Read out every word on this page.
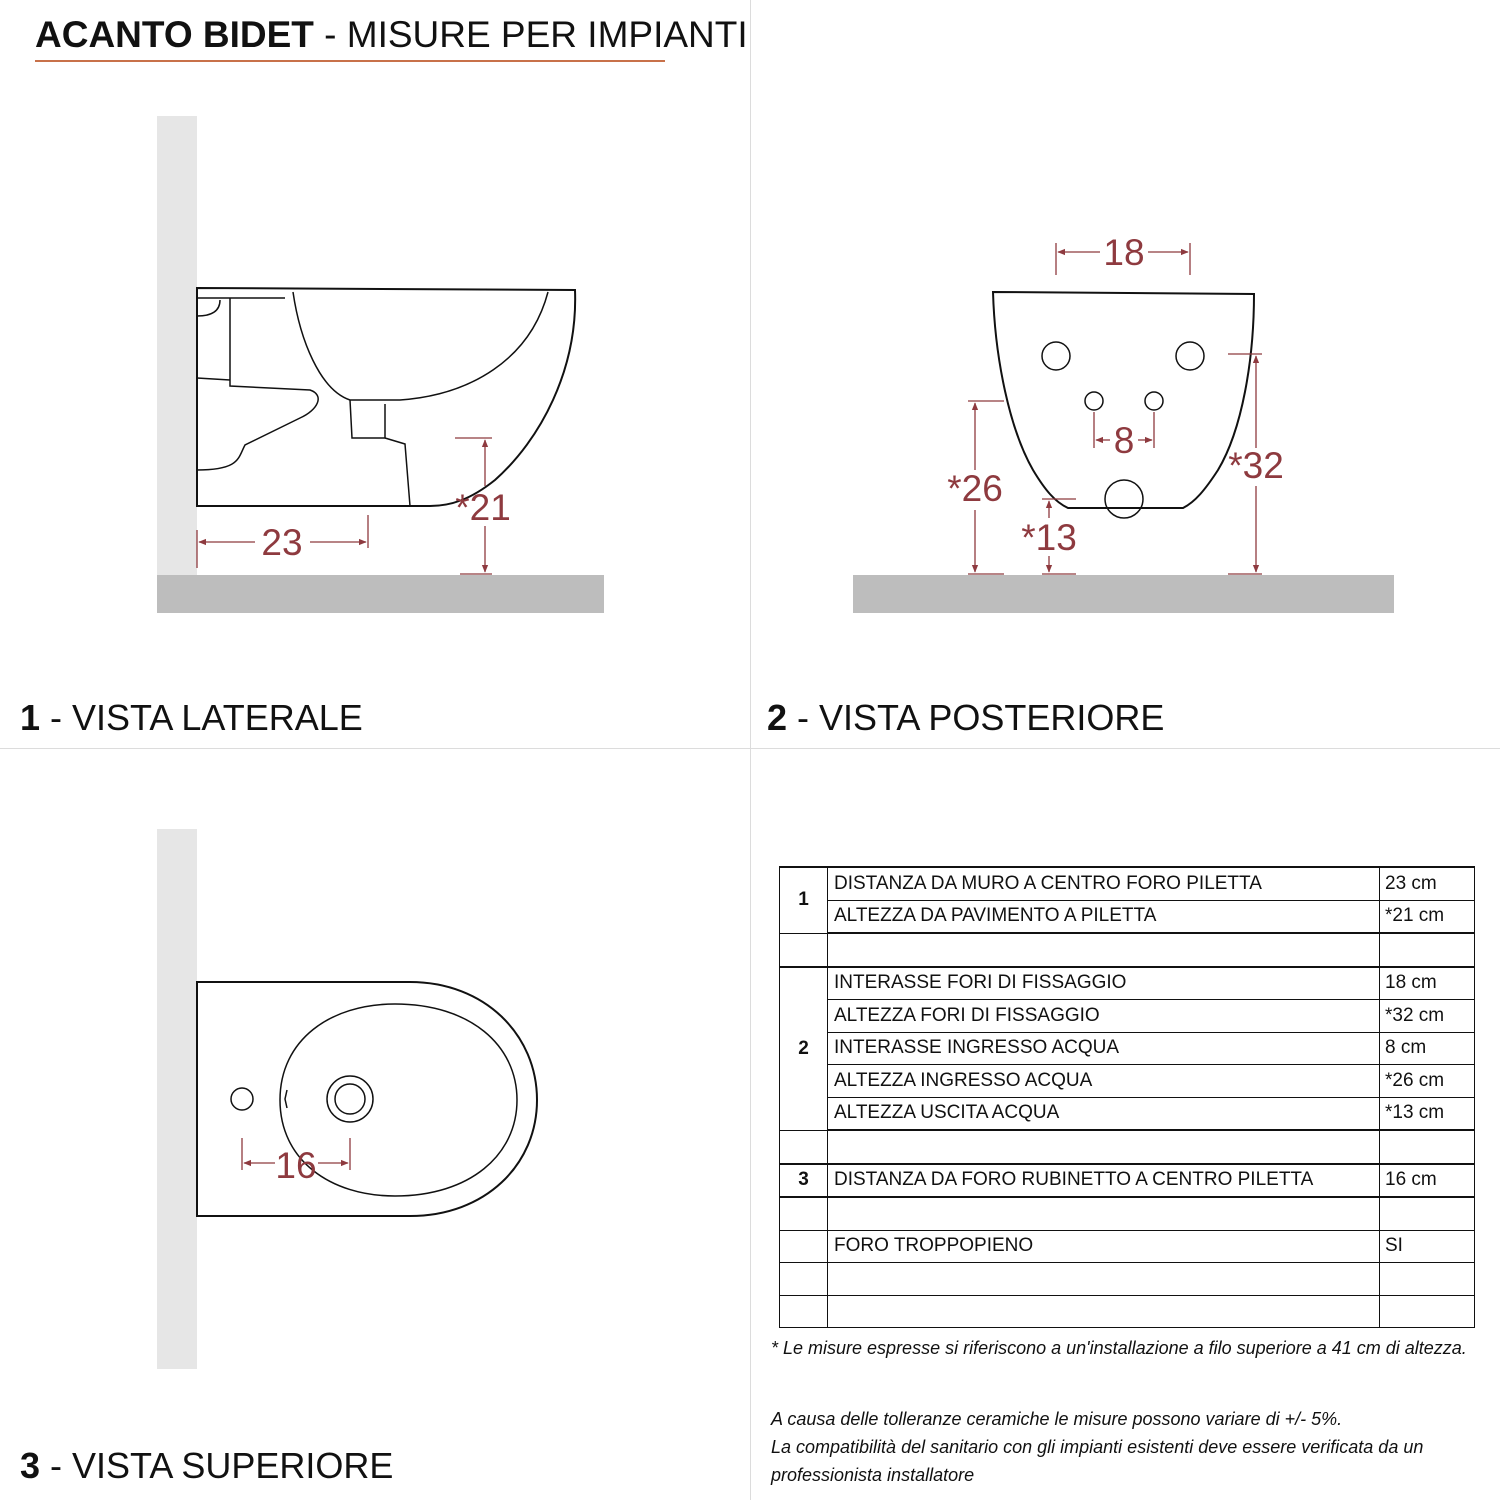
ACANTO BIDET - MISURE PER IMPIANTI
23
*21
18
8
*32
*26
*13
16
1 - VISTA LATERALE	2 - VISTA POSTERIORE
3 - VISTA SUPERIORE
1	DISTANZA DA MURO A CENTRO FORO PILETTA	23 cm
	ALTEZZA DA PAVIMENTO A PILETTA	*21 cm

2	INTERASSE FORI DI FISSAGGIO	18 cm
	ALTEZZA FORI DI FISSAGGIO	*32 cm
	INTERASSE INGRESSO ACQUA	8 cm
	ALTEZZA INGRESSO ACQUA	*26 cm
	ALTEZZA USCITA ACQUA	*13 cm

3	DISTANZA DA FORO RUBINETTO A CENTRO PILETTA	16 cm

	FORO TROPPOPIENO	SI

* Le misure espresse si riferiscono a un'installazione a filo superiore a 41 cm di altezza.
A causa delle tolleranze ceramiche le misure possono variare di +/- 5%.
La compatibilità del sanitario con gli impianti esistenti deve essere verificata da un professionista installatore
